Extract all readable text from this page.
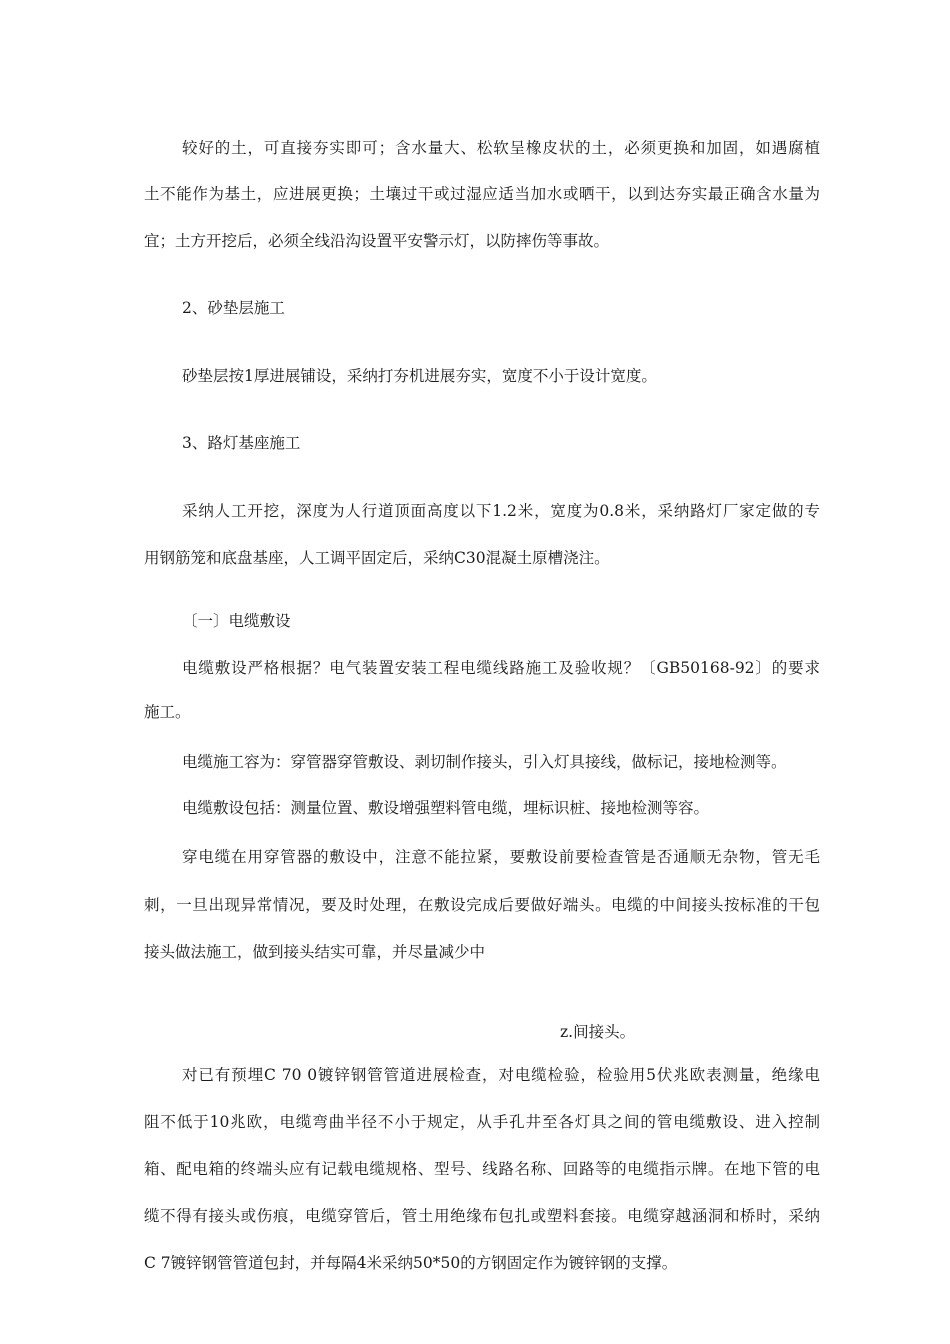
较好的土，可直接夯实即可；含水量大、松软呈橡皮状的土，必须更换和加固，如遇腐植

土不能作为基土，应进展更换；土壤过干或过湿应适当加水或晒干，以到达夯实最正确含水量为

宜；土方开挖后，必须全线沿沟设置平安警示灯，以防摔伤等事故。

2、砂垫层施工

砂垫层按1厚进展铺设，采纳打夯机进展夯实，宽度不小于设计宽度。

3、路灯基座施工

采纳人工开挖，深度为人行道顶面高度以下1.2米，宽度为0.8米，采纳路灯厂家定做的专

用钢筋笼和底盘基座，人工调平固定后，采纳C30混凝土原槽浇注。

〔一〕电缆敷设

电缆敷设严格根据？电气装置安装工程电缆线路施工及验收规？〔GB50168-92〕的要求

施工。

电缆施工容为：穿管器穿管敷设、剥切制作接头，引入灯具接线，做标记，接地检测等。

电缆敷设包括：测量位置、敷设增强塑料管电缆，埋标识桩、接地检测等容。

穿电缆在用穿管器的敷设中，注意不能拉紧，要敷设前要检查管是否通顺无杂物，管无毛

刺，一旦出现异常情况，要及时处理，在敷设完成后要做好端头。电缆的中间接头按标准的干包

接头做法施工，做到接头结实可靠，并尽量减少中

z.间接头。

对已有预埋C 70 0镀锌钢管管道进展检查，对电缆检验，检验用5伏兆欧表测量，绝缘电

阻不低于10兆欧，电缆弯曲半径不小于规定，从手孔井至各灯具之间的管电缆敷设、进入控制

箱、配电箱的终端头应有记载电缆规格、型号、线路名称、回路等的电缆指示牌。在地下管的电

缆不得有接头或伤痕，电缆穿管后，管土用绝缘布包扎或塑料套接。电缆穿越涵洞和桥时，采纳

C 7镀锌钢管管道包封，并每隔4米采纳50*50的方钢固定作为镀锌钢的支撑。
